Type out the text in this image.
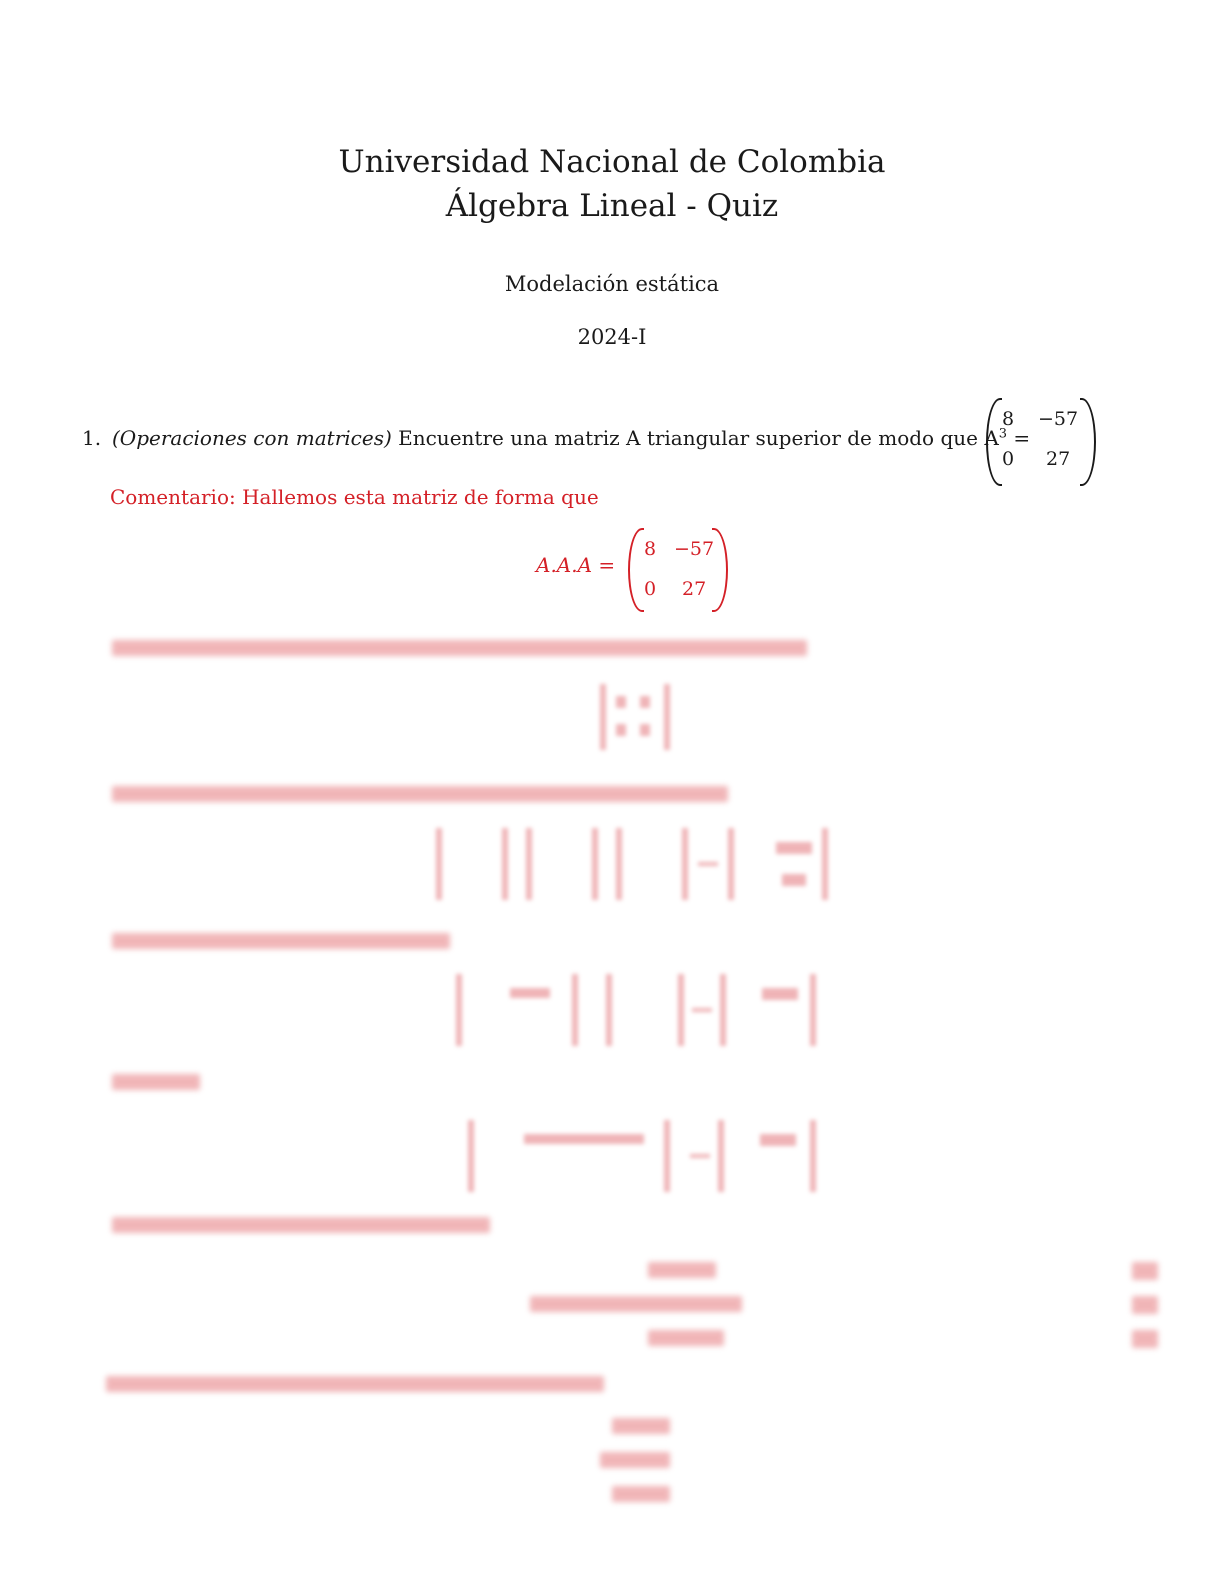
Universidad Nacional de Colombia
Álgebra Lineal - Quiz
Modelación estática
2024-I
1. (Operaciones con matrices) Encuentre una matriz A triangular superior de modo que $A^3$ =
8 −57
0 27
Comentario: Hallemos esta matriz de forma que
A.A.A =
8 −57
0 27
